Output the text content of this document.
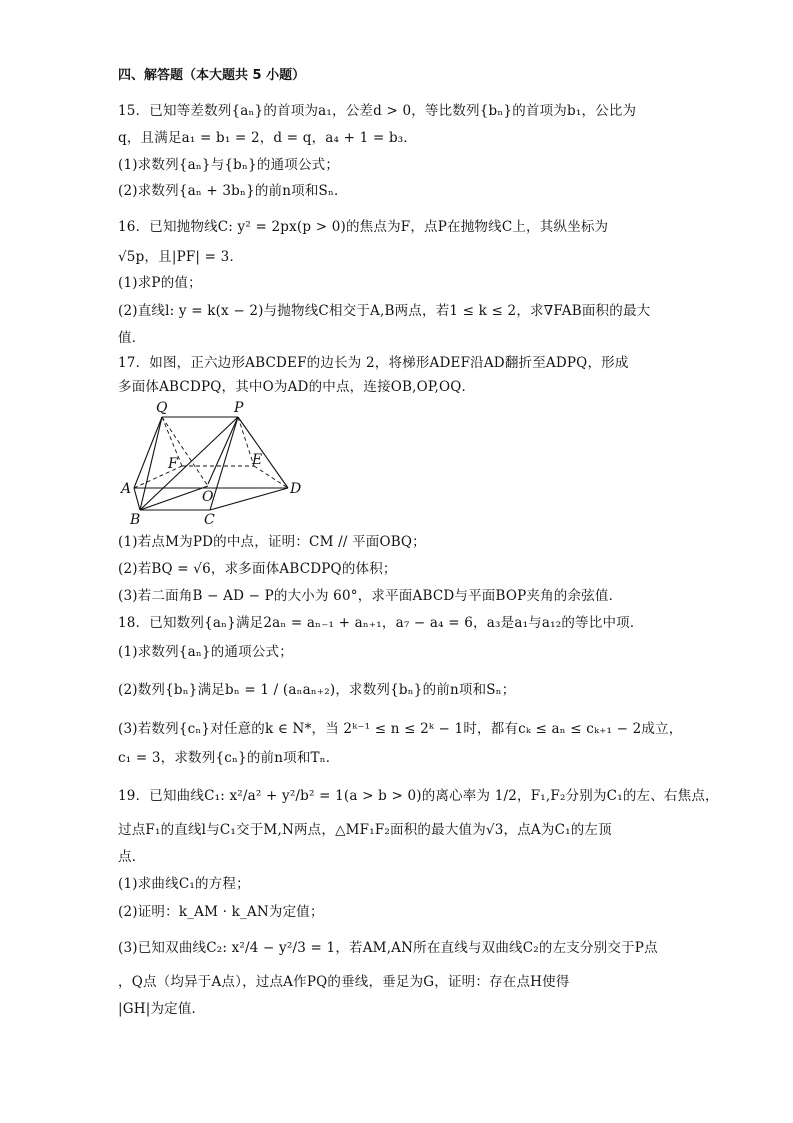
四、解答题（本大题共 5 小题）
15．已知等差数列{aₙ}的首项为a₁，公差d > 0，等比数列{bₙ}的首项为b₁，公比为
q，且满足a₁ = b₁ = 2，d = q，a₄ + 1 = b₃．
(1)求数列{aₙ}与{bₙ}的通项公式；
(2)求数列{aₙ + 3bₙ}的前n项和Sₙ．
16．已知抛物线C: y² = 2px(p > 0)的焦点为F，点P在抛物线C上，其纵坐标为
√5p，且|PF| = 3．
(1)求P的值；
(2)直线l: y = k(x − 2)与抛物线C相交于A,B两点，若1 ≤ k ≤ 2，求∇FAB面积的最大
值．
17．如图，正六边形ABCDEF的边长为 2，将梯形ADEF沿AD翻折至ADPQ，形成
多面体ABCDPQ，其中O为AD的中点，连接OB,OP,OQ．
Q	P
F	E
A	O	D
B	C
(1)若点M为PD的中点，证明：CM // 平面OBQ；
(2)若BQ = √6，求多面体ABCDPQ的体积；
(3)若二面角B − AD − P的大小为 60°，求平面ABCD与平面BOP夹角的余弦值．
18．已知数列{aₙ}满足2aₙ = aₙ₋₁ + aₙ₊₁，a₇ − a₄ = 6，a₃是a₁与a₁₂的等比中项．
(1)求数列{aₙ}的通项公式；
(2)数列{bₙ}满足bₙ = 1 / (aₙaₙ₊₂)，求数列{bₙ}的前n项和Sₙ；
(3)若数列{cₙ}对任意的k ∈ N*，当 2ᵏ⁻¹ ≤ n ≤ 2ᵏ − 1时，都有cₖ ≤ aₙ ≤ cₖ₊₁ − 2成立，
c₁ = 3，求数列{cₙ}的前n项和Tₙ．
19．已知曲线C₁: x²/a² + y²/b² = 1(a > b > 0)的离心率为 1/2，F₁,F₂分别为C₁的左、右焦点，
过点F₁的直线l与C₁交于M,N两点，△MF₁F₂面积的最大值为√3，点A为C₁的左顶
点．
(1)求曲线C₁的方程；
(2)证明：k_AM · k_AN为定值；
(3)已知双曲线C₂: x²/4 − y²/3 = 1，若AM,AN所在直线与双曲线C₂的左支分别交于P点
，Q点（均异于A点），过点A作PQ的垂线，垂足为G，证明：存在点H使得
|GH|为定值．
